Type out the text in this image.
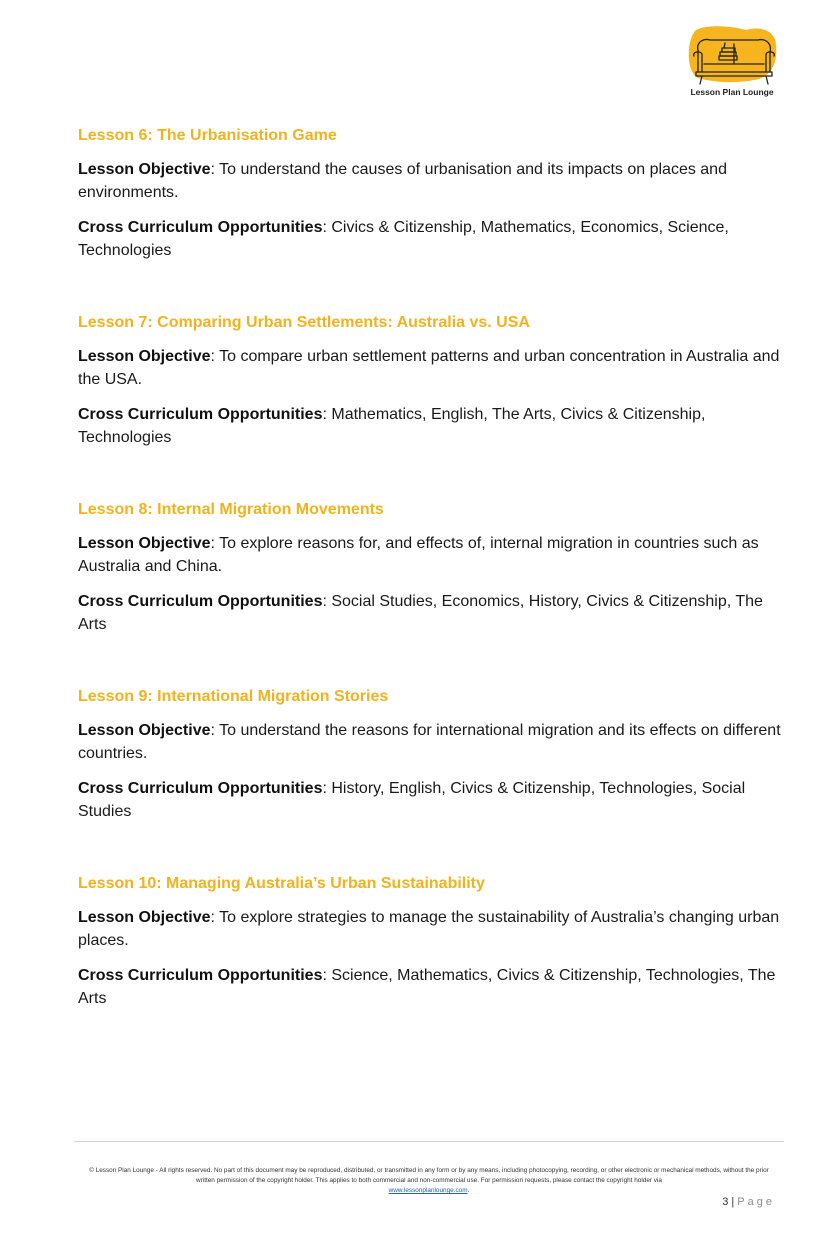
Lesson Plan Lounge
Lesson 6: The Urbanisation Game

Lesson Objective: To understand the causes of urbanisation and its impacts on places and environments.

Cross Curriculum Opportunities: Civics & Citizenship, Mathematics, Economics, Science, Technologies

Lesson 7: Comparing Urban Settlements: Australia vs. USA

Lesson Objective: To compare urban settlement patterns and urban concentration in Australia and the USA.

Cross Curriculum Opportunities: Mathematics, English, The Arts, Civics & Citizenship, Technologies

Lesson 8: Internal Migration Movements

Lesson Objective: To explore reasons for, and effects of, internal migration in countries such as Australia and China.

Cross Curriculum Opportunities: Social Studies, Economics, History, Civics & Citizenship, The Arts

Lesson 9: International Migration Stories

Lesson Objective: To understand the reasons for international migration and its effects on different countries.

Cross Curriculum Opportunities: History, English, Civics & Citizenship, Technologies, Social Studies

Lesson 10: Managing Australia’s Urban Sustainability

Lesson Objective: To explore strategies to manage the sustainability of Australia’s changing urban places.

Cross Curriculum Opportunities: Science, Mathematics, Civics & Citizenship, Technologies, The Arts

© Lesson Plan Lounge - All rights reserved. No part of this document may be reproduced, distributed, or transmitted in any form or by any means, including photocopying, recording, or other electronic or mechanical methods, without the prior written permission of the copyright holder. This applies to both commercial and non-commercial use. For permission requests, please contact the copyright holder via
www.lessonplanlounge.com.
3 | Page
